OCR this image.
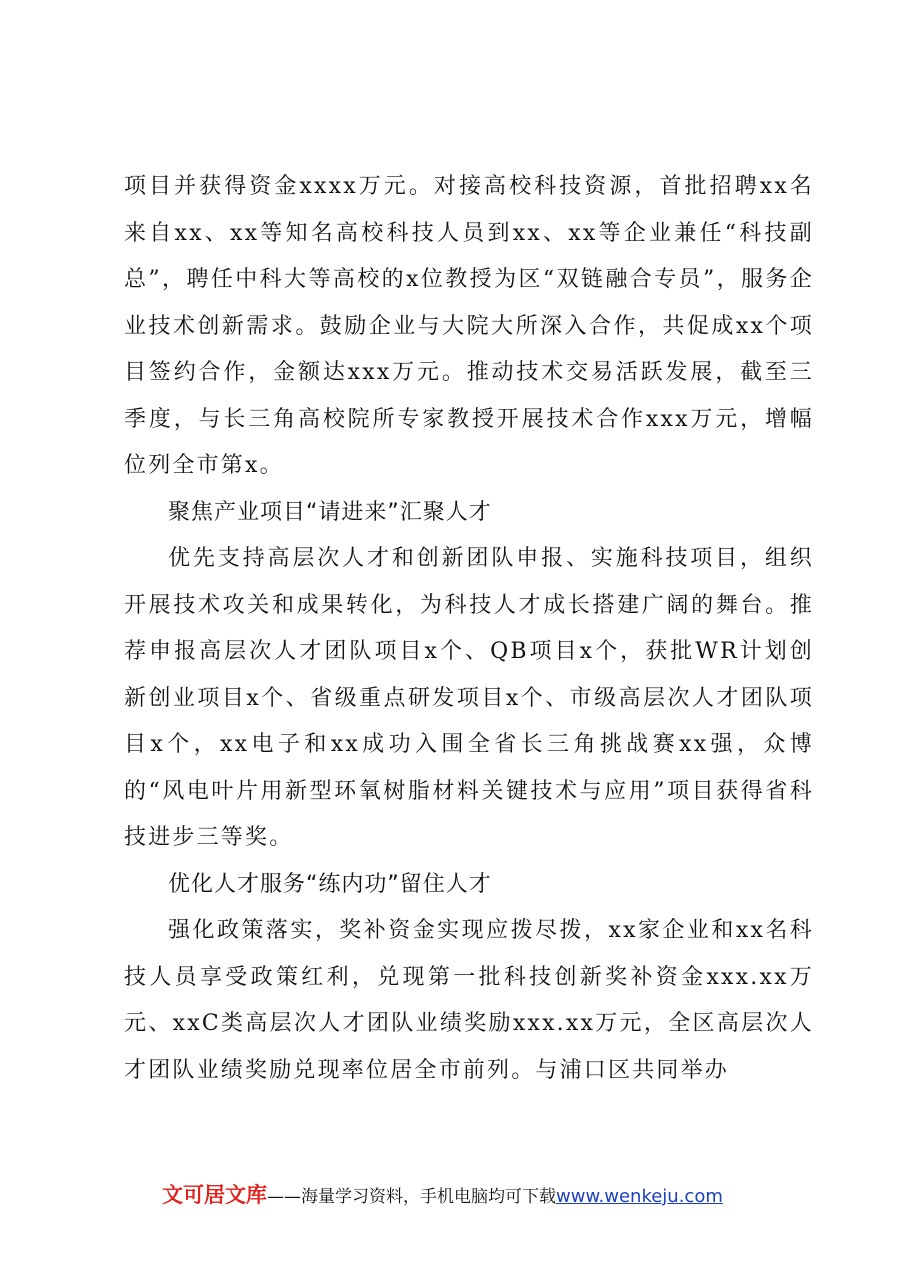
项目并获得资金xxxx万元。对接高校科技资源，首批招聘xx名来自xx、xx等知名高校科技人员到xx、xx等企业兼任“科技副总”，聘任中科大等高校的x位教授为区“双链融合专员”，服务企业技术创新需求。鼓励企业与大院大所深入合作，共促成xx个项目签约合作，金额达xxx万元。推动技术交易活跃发展，截至三季度，与长三角高校院所专家教授开展技术合作xxx万元，增幅位列全市第x。

聚焦产业项目“请进来”汇聚人才

优先支持高层次人才和创新团队申报、实施科技项目，组织开展技术攻关和成果转化，为科技人才成长搭建广阔的舞台。推荐申报高层次人才团队项目x个、QB项目x个，获批WR计划创新创业项目x个、省级重点研发项目x个、市级高层次人才团队项目x个，xx电子和xx成功入围全省长三角挑战赛xx强，众博的“风电叶片用新型环氧树脂材料关键技术与应用”项目获得省科技进步三等奖。

优化人才服务“练内功”留住人才

强化政策落实，奖补资金实现应拨尽拨，xx家企业和xx名科技人员享受政策红利，兑现第一批科技创新奖补资金xxx.xx万元、xxC类高层次人才团队业绩奖励xxx.xx万元，全区高层次人才团队业绩奖励兑现率位居全市前列。与浦口区共同举办

文可居文库——海量学习资料，手机电脑均可下载www.wenkeju.com
